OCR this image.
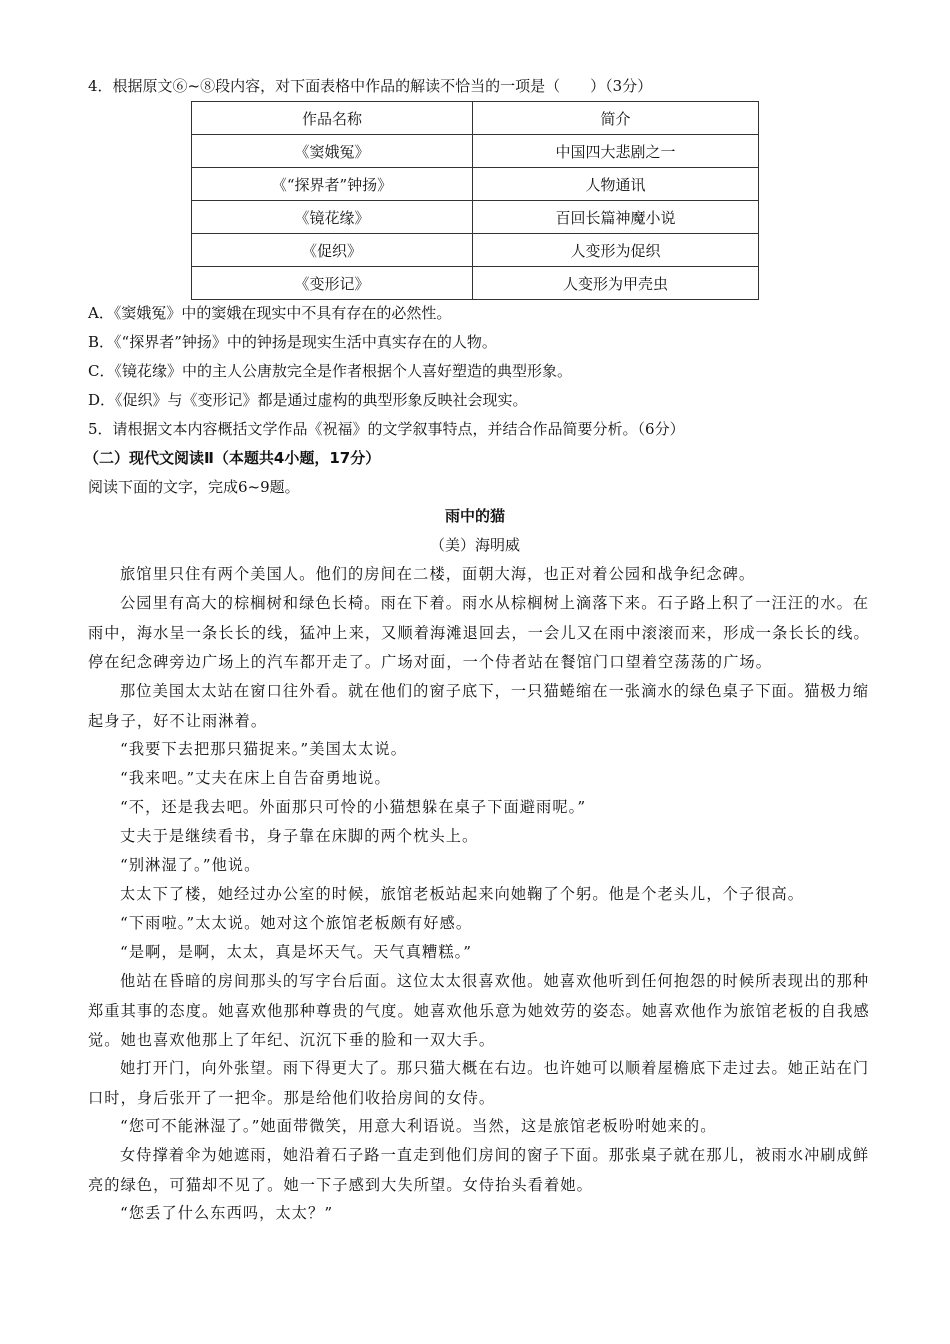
4．根据原文⑥~⑧段内容，对下面表格中作品的解读不恰当的一项是（　　）（3分）
作品名称	简介
《窦娥冤》	中国四大悲剧之一
《“探界者”钟扬》	人物通讯
《镜花缘》	百回长篇神魔小说
《促织》	人变形为促织
《变形记》	人变形为甲壳虫
A．《窦娥冤》中的窦娥在现实中不具有存在的必然性。
B．《“探界者”钟扬》中的钟扬是现实生活中真实存在的人物。
C．《镜花缘》中的主人公唐敖完全是作者根据个人喜好塑造的典型形象。
D．《促织》与《变形记》都是通过虚构的典型形象反映社会现实。
5．请根据文本内容概括文学作品《祝福》的文学叙事特点，并结合作品简要分析。（6分）
（二）现代文阅读Ⅱ（本题共4小题，17分）
阅读下面的文字，完成6~9题。
雨中的猫
（美）海明威
旅馆里只住有两个美国人。他们的房间在二楼，面朝大海，也正对着公园和战争纪念碑。
公园里有高大的棕榈树和绿色长椅。雨在下着。雨水从棕榈树上滴落下来。石子路上积了一汪汪的水。在雨中，海水呈一条长长的线，猛冲上来，又顺着海滩退回去，一会儿又在雨中滚滚而来，形成一条长长的线。停在纪念碑旁边广场上的汽车都开走了。广场对面，一个侍者站在餐馆门口望着空荡荡的广场。
那位美国太太站在窗口往外看。就在他们的窗子底下，一只猫蜷缩在一张滴水的绿色桌子下面。猫极力缩起身子，好不让雨淋着。
“我要下去把那只猫捉来。”美国太太说。
“我来吧。”丈夫在床上自告奋勇地说。
“不，还是我去吧。外面那只可怜的小猫想躲在桌子下面避雨呢。”
丈夫于是继续看书，身子靠在床脚的两个枕头上。
“别淋湿了。”他说。
太太下了楼，她经过办公室的时候，旅馆老板站起来向她鞠了个躬。他是个老头儿，个子很高。
“下雨啦。”太太说。她对这个旅馆老板颇有好感。
“是啊，是啊，太太，真是坏天气。天气真糟糕。”
他站在昏暗的房间那头的写字台后面。这位太太很喜欢他。她喜欢他听到任何抱怨的时候所表现出的那种郑重其事的态度。她喜欢他那种尊贵的气度。她喜欢他乐意为她效劳的姿态。她喜欢他作为旅馆老板的自我感觉。她也喜欢他那上了年纪、沉沉下垂的脸和一双大手。
她打开门，向外张望。雨下得更大了。那只猫大概在右边。也许她可以顺着屋檐底下走过去。她正站在门口时，身后张开了一把伞。那是给他们收拾房间的女侍。
“您可不能淋湿了。”她面带微笑，用意大利语说。当然，这是旅馆老板吩咐她来的。
女侍撑着伞为她遮雨，她沿着石子路一直走到他们房间的窗子下面。那张桌子就在那儿，被雨水冲刷成鲜亮的绿色，可猫却不见了。她一下子感到大失所望。女侍抬头看着她。
“您丢了什么东西吗，太太？”
